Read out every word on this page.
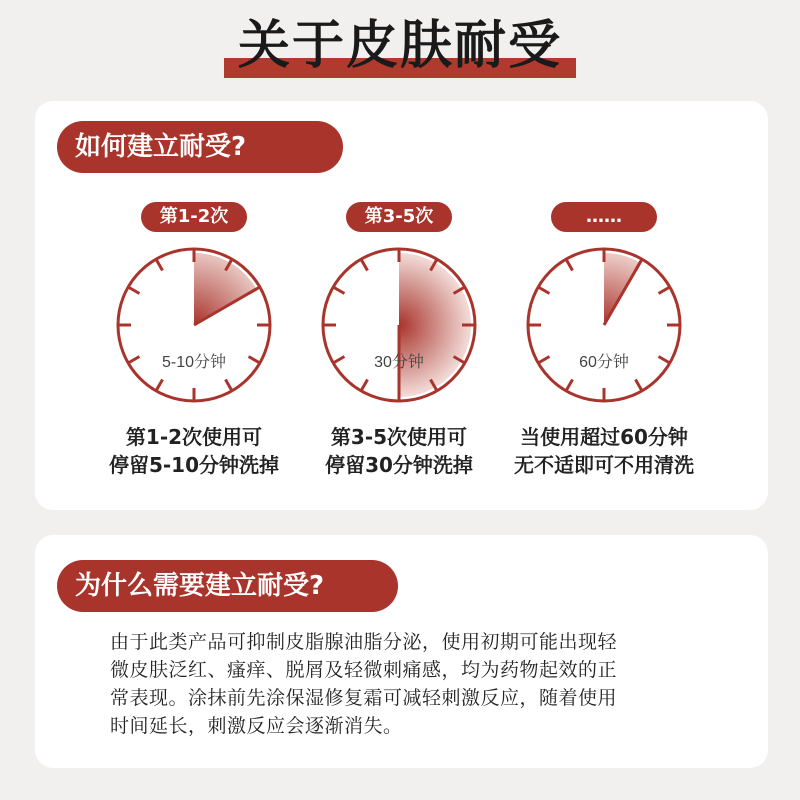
关于皮肤耐受
如何建立耐受?
第1-2次
5-10分钟
第1-2次使用可
停留5-10分钟洗掉
第3-5次
30分钟
第3-5次使用可
停留30分钟洗掉
……
60分钟
当使用超过60分钟
无不适即可不用清洗
为什么需要建立耐受?
由于此类产品可抑制皮脂腺油脂分泌，使用初期可能出现轻
微皮肤泛红、瘙痒、脱屑及轻微刺痛感，均为药物起效的正
常表现。涂抹前先涂保湿修复霜可减轻刺激反应，随着使用
时间延长，刺激反应会逐渐消失。
